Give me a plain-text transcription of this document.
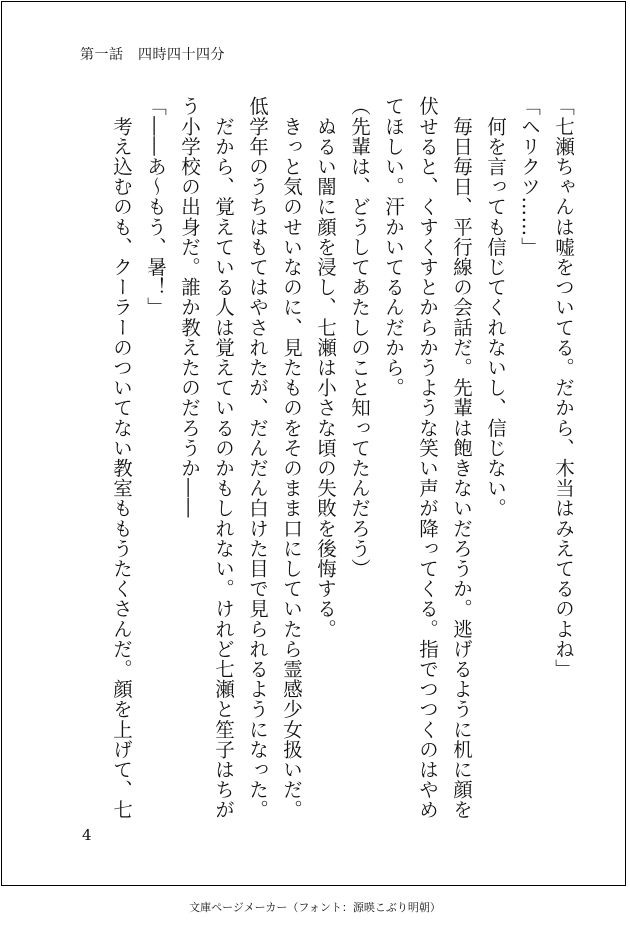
第一話　四時四十四分

「七瀬ちゃんは嘘をついてる。だから、木当はみえてるのよね」

「ヘリクツ……」

　何を言っても信じてくれないし、信じない。

　毎日毎日、平行線の会話だ。先輩は飽きないだろうか。逃げるように机に顔を

伏せると、くすくすとからかうような笑い声が降ってくる。指でつつくのはやめ

てほしい。汗かいてるんだから。

（先輩は、どうしてあたしのこと知ってたんだろう）

　ぬるい闇に顔を浸し、七瀬は小さな頃の失敗を後悔する。

　きっと気のせいなのに、見たものをそのまま口にしていたら霊感少女扱いだ。

低学年のうちはもてはやされたが、だんだん白けた目で見られるようになった。

　だから、覚えている人は覚えているのかもしれない。けれど七瀬と笙子はちが

う小学校の出身だ。誰か教えたのだろうか――

「――あ～もう、暑！」

　考え込むのも、クーラーのついてない教室ももうたくさんだ。顔を上げて、七

4
文庫ページメーカー（フォント：源暎こぶり明朝）
